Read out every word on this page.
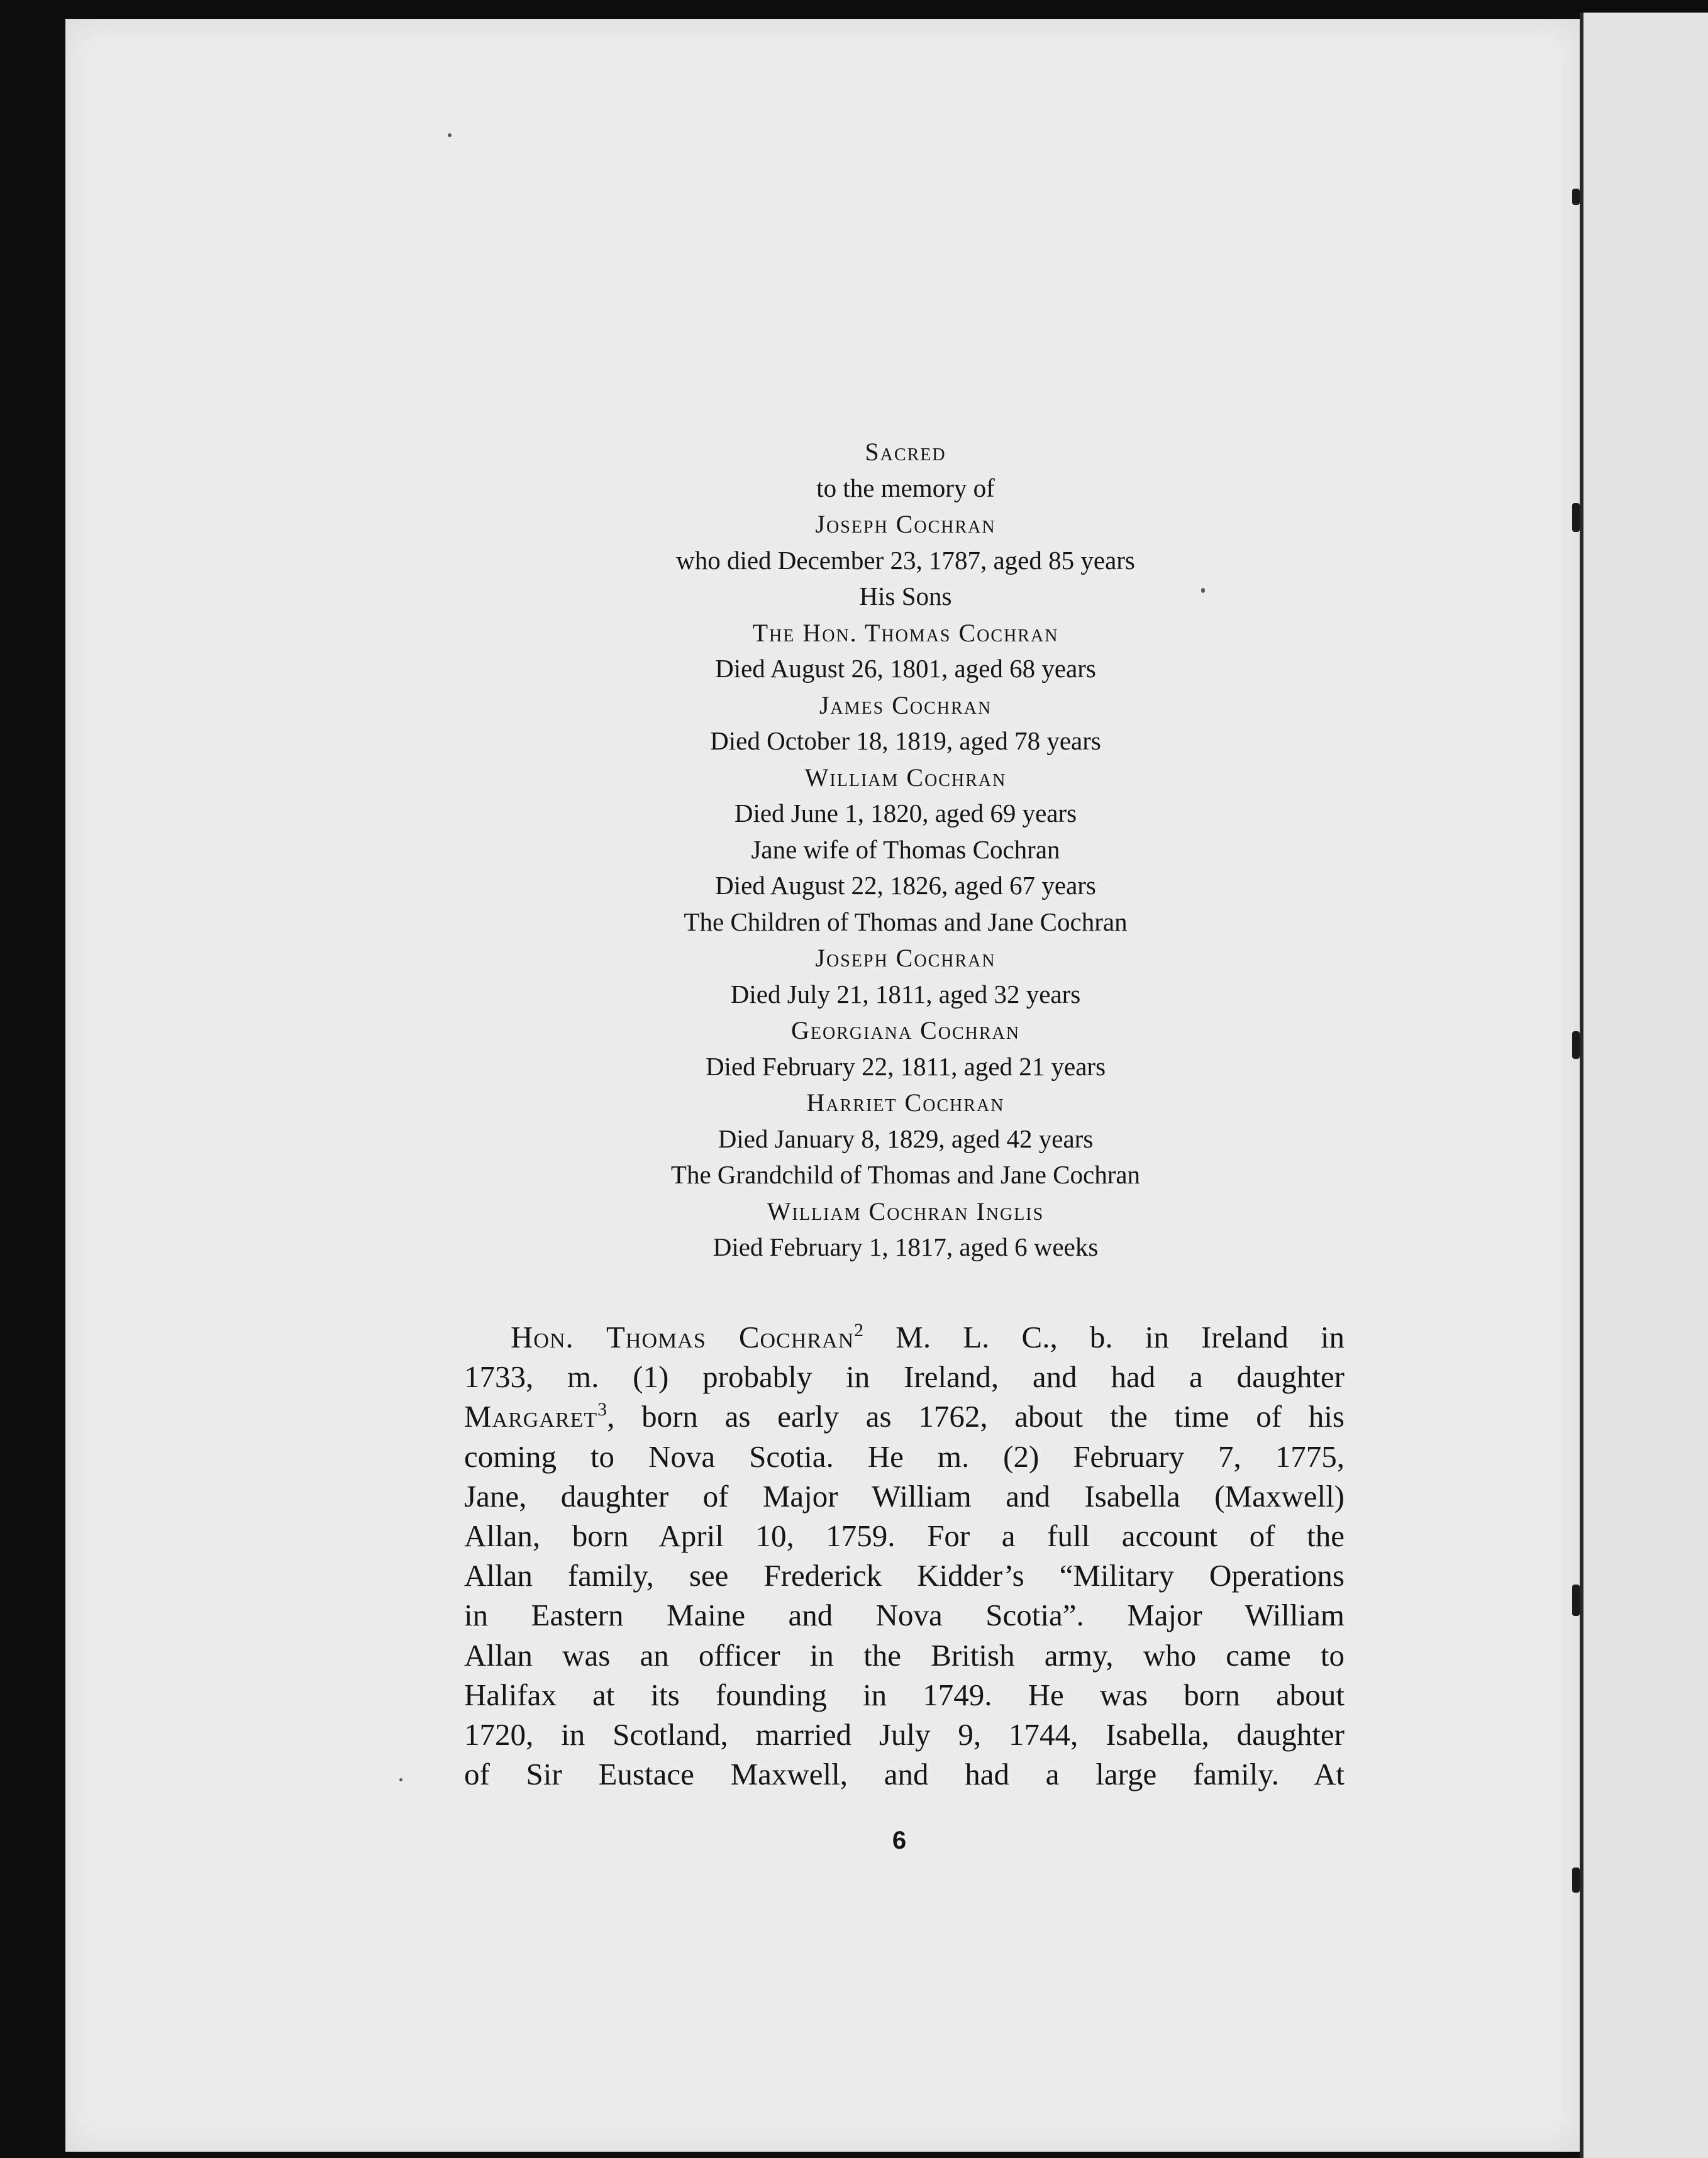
Sacred
to the memory of
Joseph Cochran
who died December 23, 1787, aged 85 years
His Sons
The Hon. Thomas Cochran
Died August 26, 1801, aged 68 years
James Cochran
Died October 18, 1819, aged 78 years
William Cochran
Died June 1, 1820, aged 69 years
Jane wife of Thomas Cochran
Died August 22, 1826, aged 67 years
The Children of Thomas and Jane Cochran
Joseph Cochran
Died July 21, 1811, aged 32 years
Georgiana Cochran
Died February 22, 1811, aged 21 years
Harriet Cochran
Died January 8, 1829, aged 42 years
The Grandchild of Thomas and Jane Cochran
William Cochran Inglis
Died February 1, 1817, aged 6 weeks
Hon. Thomas Cochran$^2$ M. L. C., b. in Ireland in
1733, m. (1) probably in Ireland, and had a daughter
Margaret$^3$, born as early as 1762, about the time of his
coming to Nova Scotia. He m. (2) February 7, 1775,
Jane, daughter of Major William and Isabella (Maxwell)
Allan, born April 10, 1759. For a full account of the
Allan family, see Frederick Kidder’s “Military Operations
in Eastern Maine and Nova Scotia”. Major William
Allan was an officer in the British army, who came to
Halifax at its founding in 1749. He was born about
1720, in Scotland, married July 9, 1744, Isabella, daughter
of Sir Eustace Maxwell, and had a large family. At
6
